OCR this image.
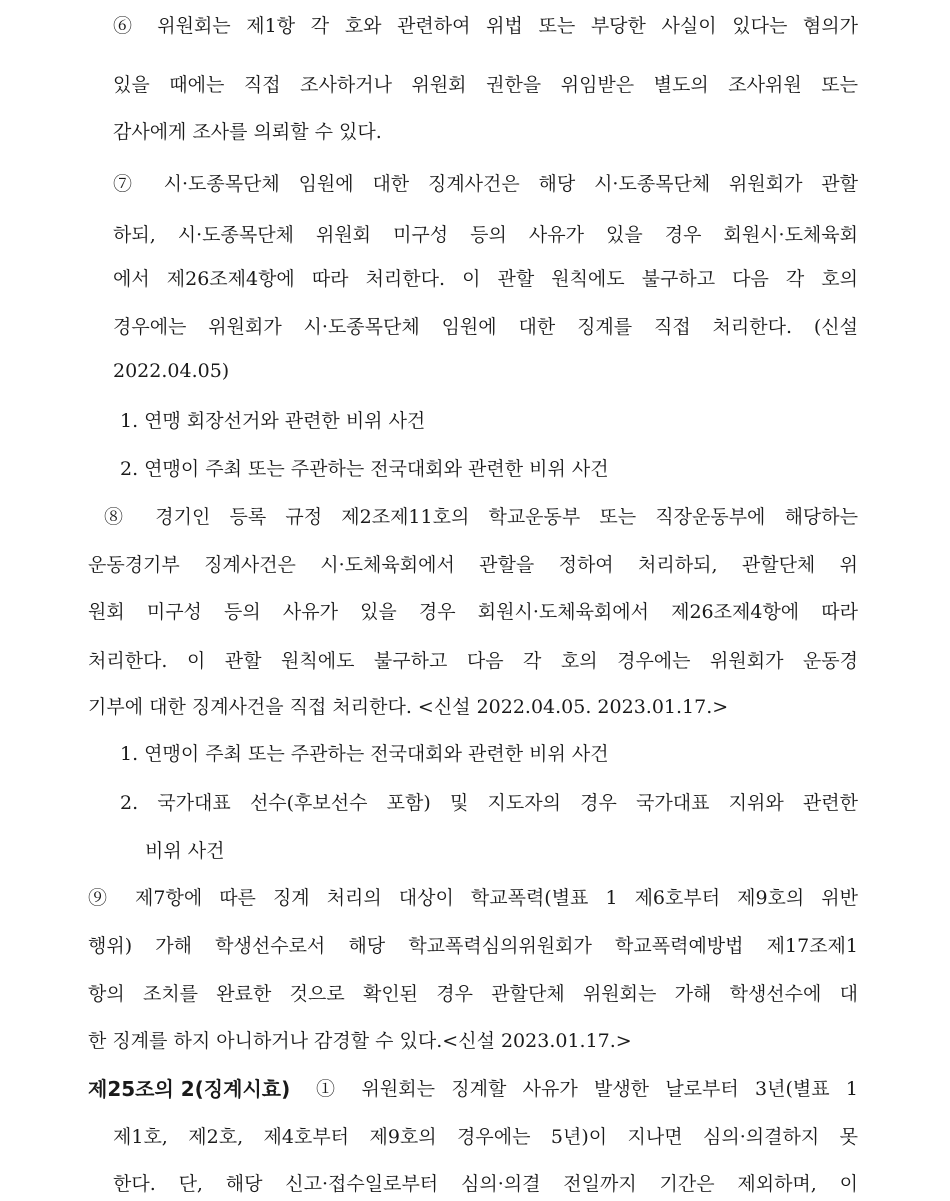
⑥ 위원회는 제1항 각 호와 관련하여 위법 또는 부당한 사실이 있다는 혐의가
있을 때에는 직접 조사하거나 위원회 권한을 위임받은 별도의 조사위원 또는
감사에게 조사를 의뢰할 수 있다.
⑦ 시·도종목단체 임원에 대한 징계사건은 해당 시·도종목단체 위원회가 관할
하되, 시·도종목단체 위원회 미구성 등의 사유가 있을 경우 회원시·도체육회
에서 제26조제4항에 따라 처리한다. 이 관할 원칙에도 불구하고 다음 각 호의
경우에는 위원회가 시·도종목단체 임원에 대한 징계를 직접 처리한다. (신설
2022.04.05)
1. 연맹 회장선거와 관련한 비위 사건
2. 연맹이 주최 또는 주관하는 전국대회와 관련한 비위 사건
⑧ 경기인 등록 규정 제2조제11호의 학교운동부 또는 직장운동부에 해당하는
운동경기부 징계사건은 시·도체육회에서 관할을 정하여 처리하되, 관할단체 위
원회 미구성 등의 사유가 있을 경우 회원시·도체육회에서 제26조제4항에 따라
처리한다. 이 관할 원칙에도 불구하고 다음 각 호의 경우에는 위원회가 운동경
기부에 대한 징계사건을 직접 처리한다. <신설 2022.04.05. 2023.01.17.>
1. 연맹이 주최 또는 주관하는 전국대회와 관련한 비위 사건
2. 국가대표 선수(후보선수 포함) 및 지도자의 경우 국가대표 지위와 관련한
비위 사건
⑨ 제7항에 따른 징계 처리의 대상이 학교폭력(별표 1 제6호부터 제9호의 위반
행위) 가해 학생선수로서 해당 학교폭력심의위원회가 학교폭력예방법 제17조제1
항의 조치를 완료한 것으로 확인된 경우 관할단체 위원회는 가해 학생선수에 대
한 징계를 하지 아니하거나 감경할 수 있다.<신설 2023.01.17.>
제25조의 2(징계시효) ① 위원회는 징계할 사유가 발생한 날로부터 3년(별표 1
제1호, 제2호, 제4호부터 제9호의 경우에는 5년)이 지나면 심의·의결하지 못
한다. 단, 해당 신고·접수일로부터 심의·의결 전일까지 기간은 제외하며, 이
